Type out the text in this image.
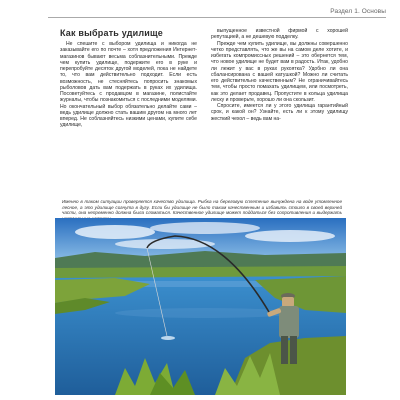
Раздел 1. Основы
Как выбрать удилище

Не спешите с выбором удилища и никогда не заказывайте его по почте – хотя предложения Интернет-магазинов бывают весьма соблазнительными. Прежде чем купить удилище, подержите его в руке и перепробуйте десяток другой моделей, пока не найдете то, что вам действительно подходит. Если есть возможность, не стесняйтесь попросить знакомых рыболовов дать вам подержать в руках их удилища. Посоветуйтесь с продавцом в магазине, полистайте журналы, чтобы познакомиться с последними моделями. Но окончательный выбор обязательно делайте сами – ведь удилище должно стать вашим другом на много лет вперед. Не соблазняйтесь низкими ценами, купите себе удилище,

выпущенное известной фирмой с хорошей репутацией, а не дешевую подделку.

Прежде чем купить удилище, вы должны совершенно четко представлять, что же вы на самом деле хотите, и избегать компромиссных решений – это обернется тем, что новое удилище не будет вам в радость. Итак, удобно ли лежит у вас в руках рукоятка? Удобно ли она сбалансирована с вашей катушкой? Можно ли считать его действительно качественным? Не ограничивайтесь тем, чтобы просто помахать удилищем, или посмотреть, как это делает продавец. Пропустите в кольца удилища леску и проверьте, хорошо ли она скользит.

Спросите, имеется ли у этого удилища гарантийный срок, и какой он? Узнайте, есть ли к этому удилищу жесткий чехол – ведь вам на-

Именно в таком ситуации проверяется качество удилища. Рыбка на береговую сплетение вынуждена на воде утомленное лесное, а это удилище согнута в дугу. Если бы удилище не было таким качественным и избавить стоило в своей верхней части, она непременно должна была сломаться. Качественное удилище может поддаться без сопротивления и выдержать
